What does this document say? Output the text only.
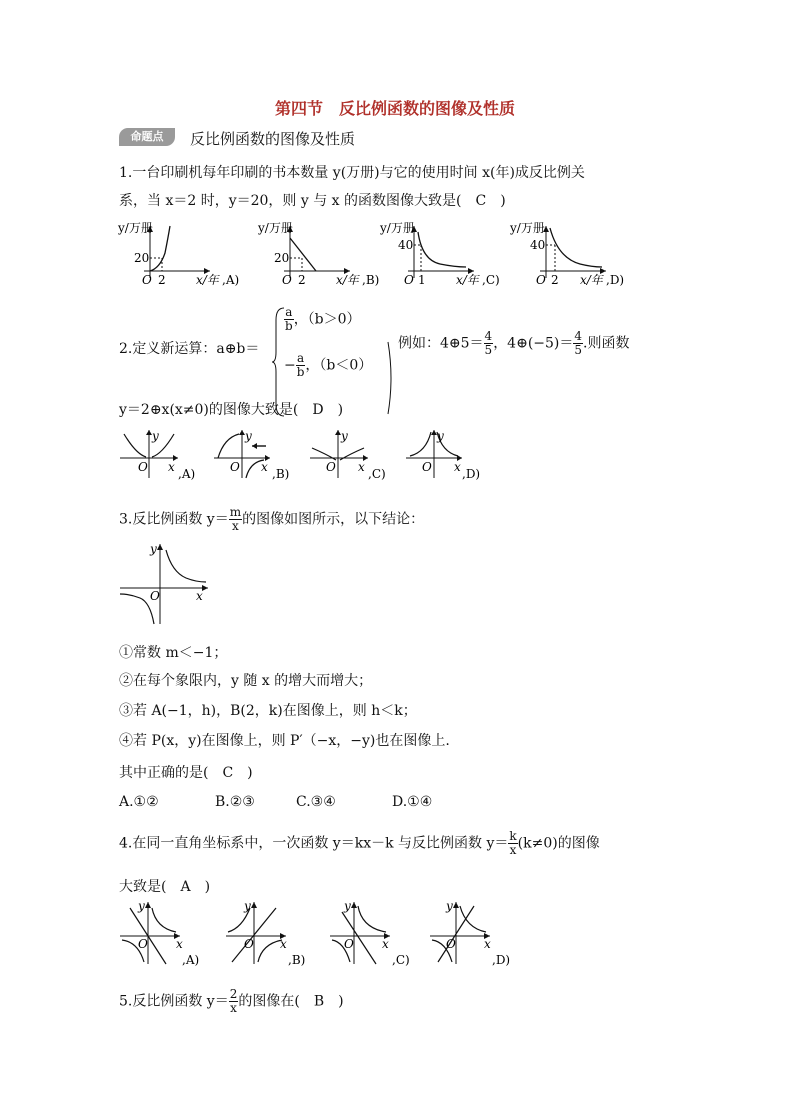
第四节　反比例函数的图像及性质
命题点	反比例函数的图像及性质
1.一台印刷机每年印刷的书本数量 y(万册)与它的使用时间 x(年)成反比例关
系，当 x＝2 时，y＝20，则 y 与 x 的函数图像大致是(　C　)
y/万册
20
2
O	x/年 ,A)
y/万册
20
2
O	x/年 ,B)
y/万册
40
1
O	x/年 ,C)
y/万册
40
2
O	x/年 ,D)
2.定义新运算：a⊕b＝
$\frac{a}{b}$ ，（b＞0）
− $\frac{a}{b}$ ，（b＜0）
例如：4⊕5＝ $\frac{4}{5}$ ，4⊕(−5)＝ $\frac{4}{5}$ .则函数
y＝2⊕x(x≠0)的图像大致是(　D　)
y
O x ,A)
y
O x ,B)
y
O x ,C)
y
O x ,D)
3.反比例函数 $y= \frac{m}{x}$ 的图像如图所示，以下结论：
y
O	x
①常数 m＜−1；
②在每个象限内，y 随 x 的增大而增大；
③若 A(−1，h)，B(2，k)在图像上，则 h＜k；
④若 P(x，y)在图像上，则 P′（−x，−y)也在图像上.
其中正确的是(　C　)
A.①②	B.②③	C.③④	D.①④
4.在同一直角坐标系中，一次函数 y＝kx－k 与反比例函数 $y= \frac{k}{x} (k\ne 0)$的图像
大致是(　A　)
y
O x
,A)
y
O x
,B)
y
O x
,C)
y
O x
,D)
5.反比例函数 $y= \frac{2}{x}$ 的图像在(　B　)
